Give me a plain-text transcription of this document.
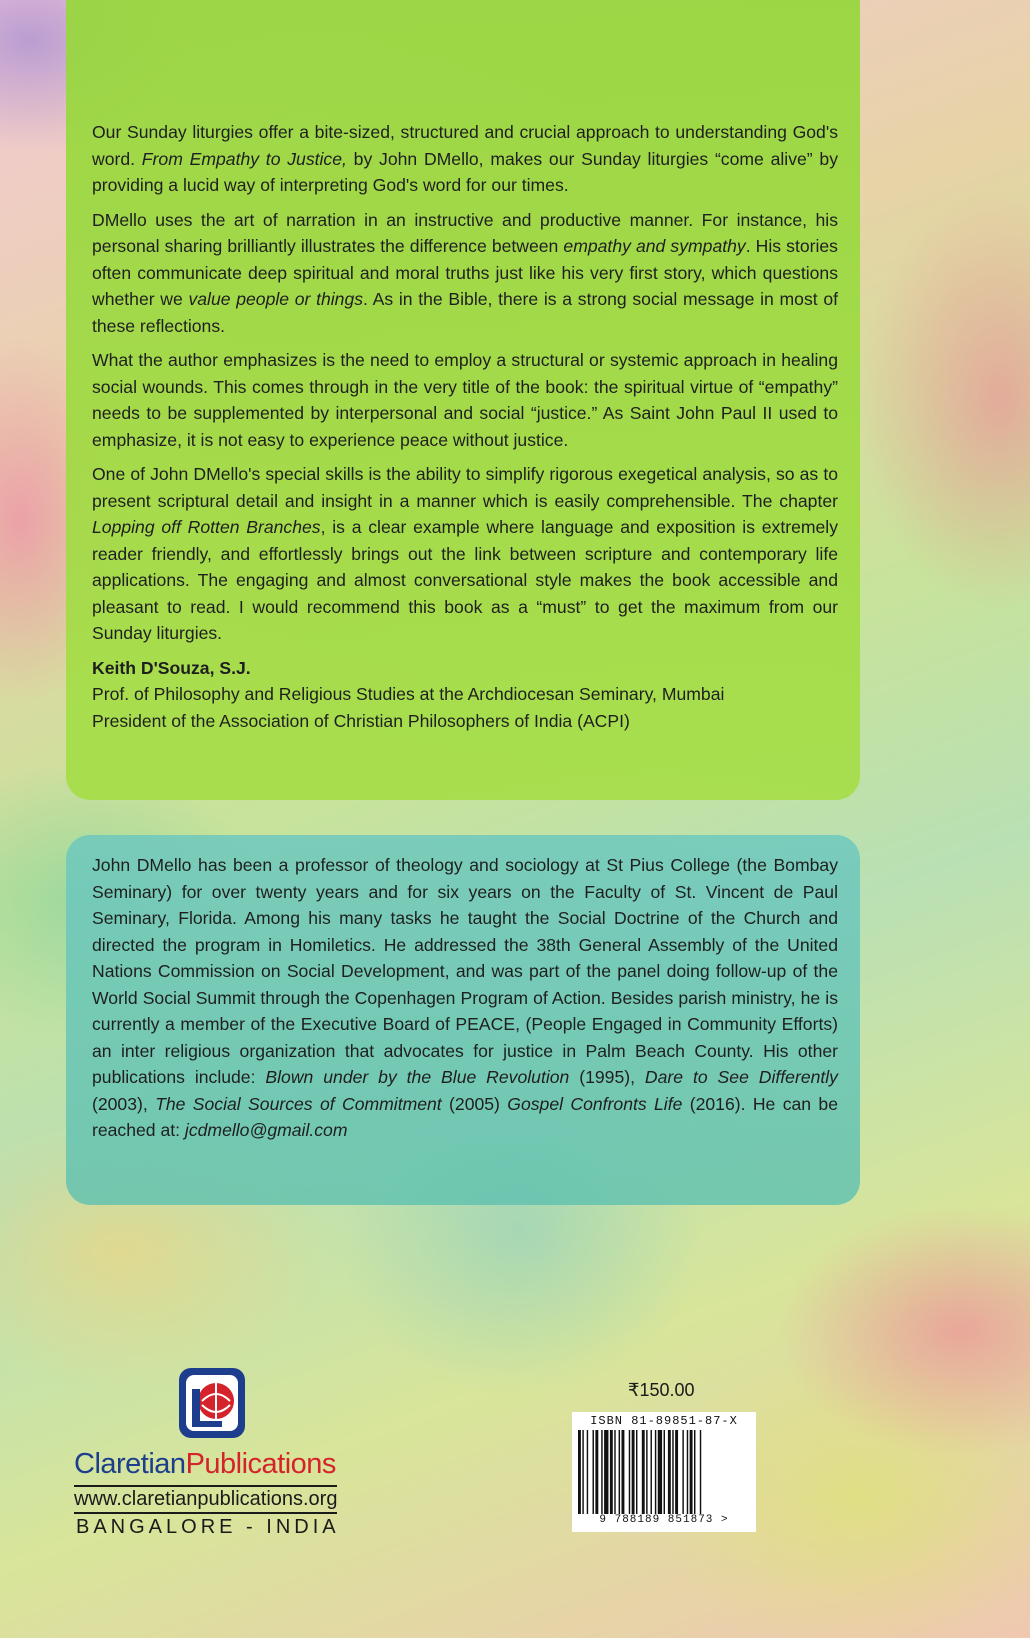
Our Sunday liturgies offer a bite-sized, structured and crucial approach to understanding God's word. From Empathy to Justice, by John DMello, makes our Sunday liturgies “come alive” by providing a lucid way of interpreting God's word for our times.

DMello uses the art of narration in an instructive and productive manner. For instance, his personal sharing brilliantly illustrates the difference between empathy and sympathy. His stories often communicate deep spiritual and moral truths just like his very first story, which questions whether we value people or things. As in the Bible, there is a strong social message in most of these reflections.

What the author emphasizes is the need to employ a structural or systemic approach in healing social wounds. This comes through in the very title of the book: the spiritual virtue of “empathy” needs to be supplemented by interpersonal and social “justice.” As Saint John Paul II used to emphasize, it is not easy to experience peace without justice.

One of John DMello's special skills is the ability to simplify rigorous exegetical analysis, so as to present scriptural detail and insight in a manner which is easily comprehensible. The chapter Lopping off Rotten Branches, is a clear example where language and exposition is extremely reader friendly, and effortlessly brings out the link between scripture and contemporary life applications. The engaging and almost conversational style makes the book accessible and pleasant to read. I would recommend this book as a “must” to get the maximum from our Sunday liturgies.

Keith D'Souza, S.J.
Prof. of Philosophy and Religious Studies at the Archdiocesan Seminary, Mumbai
President of the Association of Christian Philosophers of India (ACPI)

John DMello has been a professor of theology and sociology at St Pius College (the Bombay Seminary) for over twenty years and for six years on the Faculty of St. Vincent de Paul Seminary, Florida. Among his many tasks he taught the Social Doctrine of the Church and directed the program in Homiletics. He addressed the 38th General Assembly of the United Nations Commission on Social Development, and was part of the panel doing follow-up of the World Social Summit through the Copenhagen Program of Action. Besides parish ministry, he is currently a member of the Executive Board of PEACE, (People Engaged in Community Efforts) an inter religious organization that advocates for justice in Palm Beach County. His other publications include: Blown under by the Blue Revolution (1995), Dare to See Differently (2003), The Social Sources of Commitment (2005) Gospel Confronts Life (2016). He can be reached at: jcdmello@gmail.com

ClaretianPublications
www.claretianpublications.org
BANGALORE - INDIA
₹150.00
ISBN 81-89851-87-X
9 788189 851873 >
